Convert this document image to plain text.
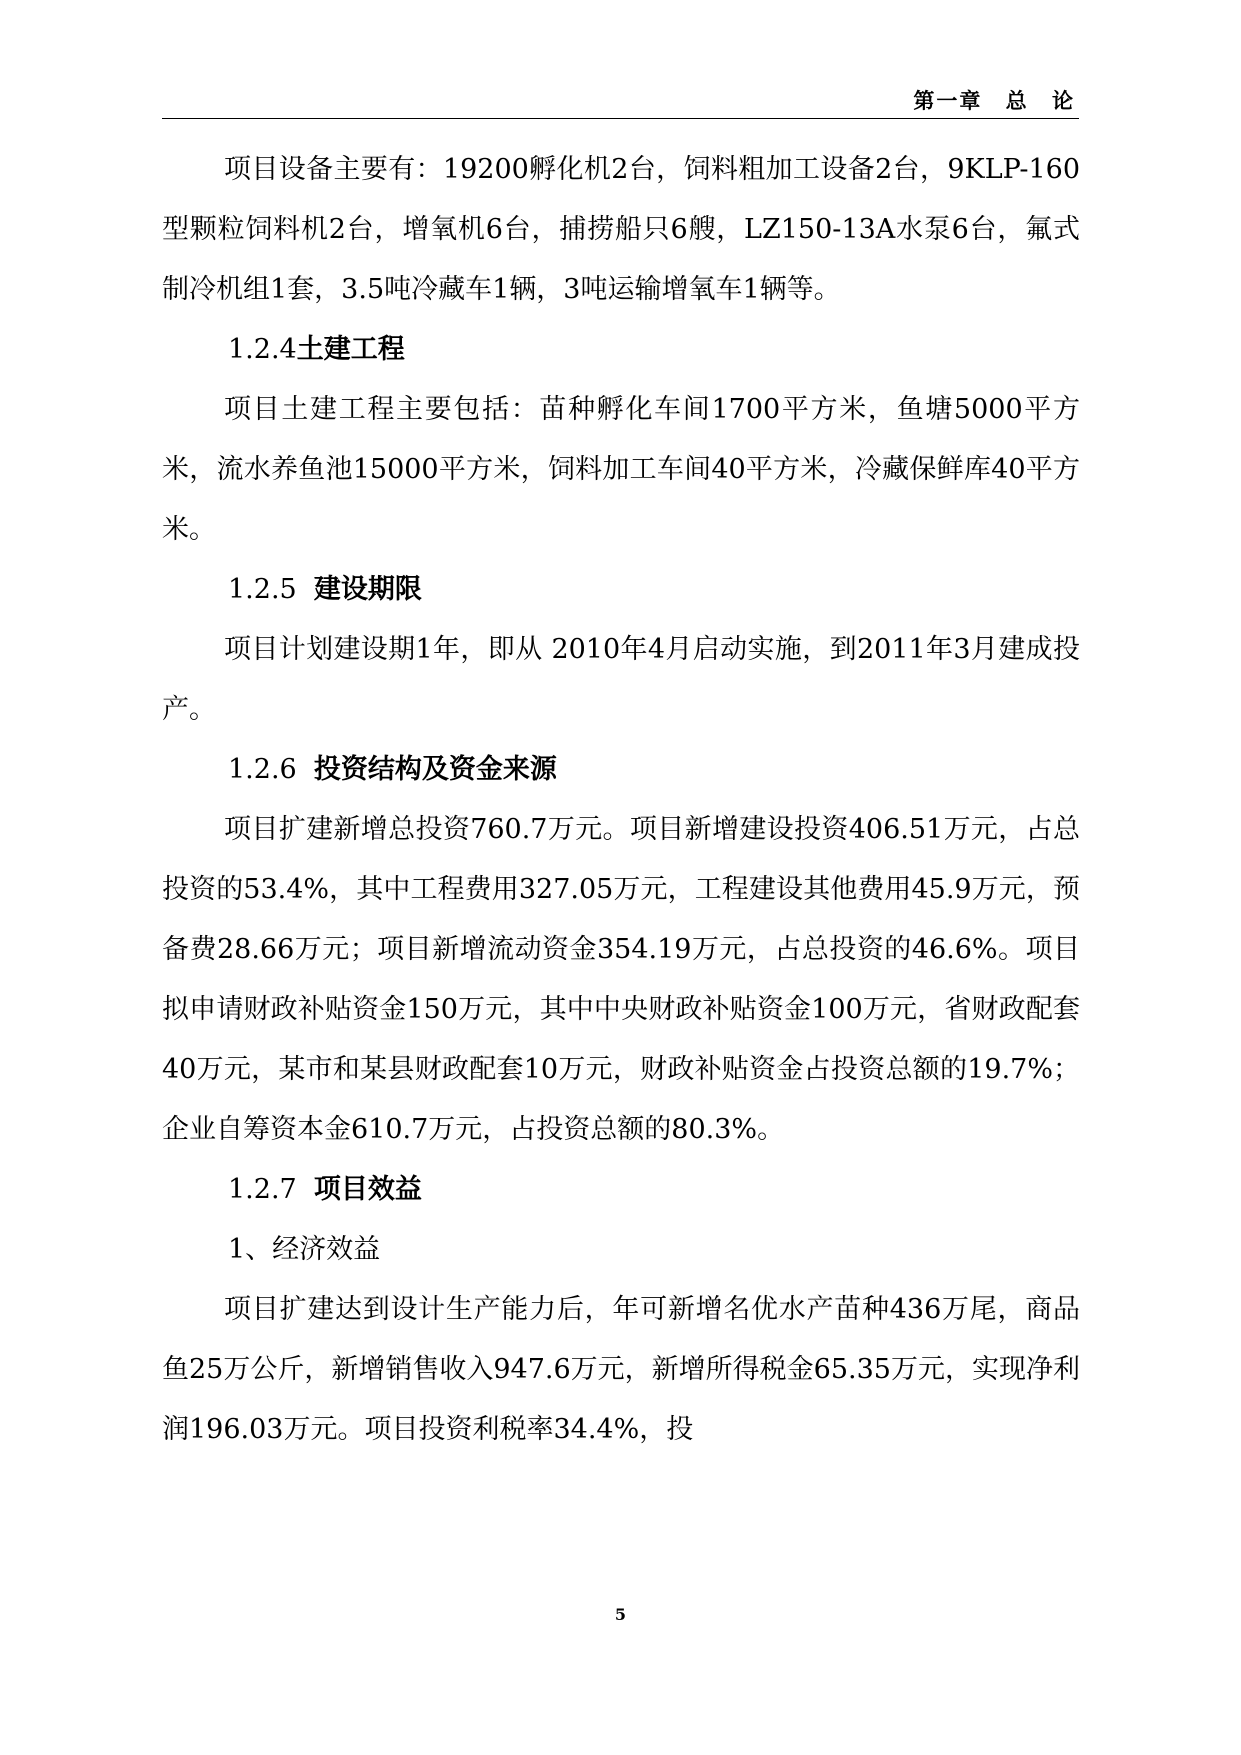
第一章 总 论

项目设备主要有：19200孵化机2台，饲料粗加工设备2台，9KLP-160型颗粒饲料机2台，增氧机6台，捕捞船只6艘，LZ150-13A水泵6台，氟式制冷机组1套，3.5吨冷藏车1辆，3吨运输增氧车1辆等。

1.2.4土建工程

项目土建工程主要包括：苗种孵化车间1700平方米，鱼塘5000平方米，流水养鱼池15000平方米，饲料加工车间40平方米，冷藏保鲜库40平方米。

1.2.5 建设期限

项目计划建设期1年，即从 2010年4月启动实施，到2011年3月建成投产。

1.2.6 投资结构及资金来源

项目扩建新增总投资760.7万元。项目新增建设投资406.51万元，占总投资的53.4%，其中工程费用327.05万元，工程建设其他费用45.9万元，预备费28.66万元；项目新增流动资金354.19万元，占总投资的46.6%。项目拟申请财政补贴资金150万元，其中中央财政补贴资金100万元，省财政配套40万元，某市和某县财政配套10万元，财政补贴资金占投资总额的19.7%；企业自筹资本金610.7万元，占投资总额的80.3%。

1.2.7 项目效益

1、经济效益

项目扩建达到设计生产能力后，年可新增名优水产苗种436万尾，商品鱼25万公斤，新增销售收入947.6万元，新增所得税金65.35万元，实现净利润196.03万元。项目投资利税率34.4%，投

5
